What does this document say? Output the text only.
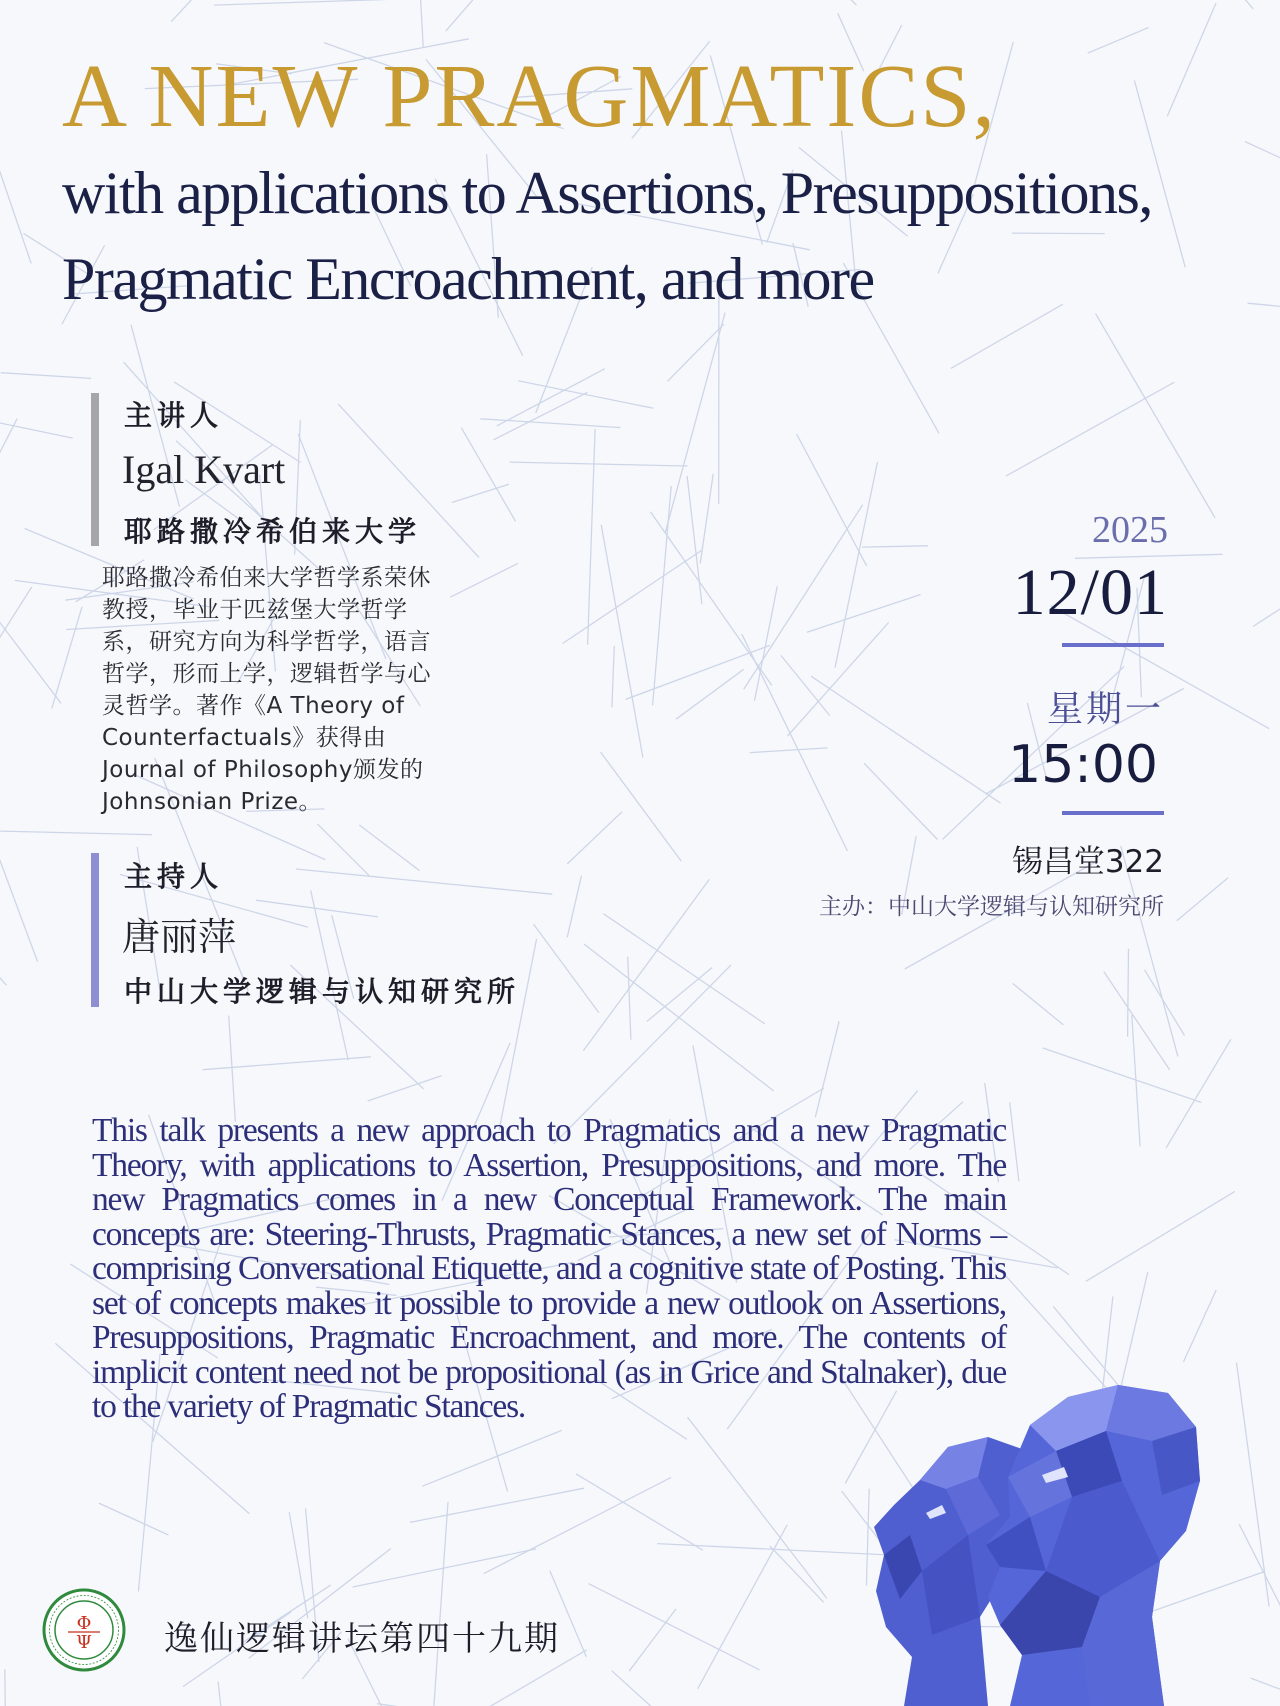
A NEW PRAGMATICS,
with applications to Assertions, Presuppositions, Pragmatic Encroachment, and more

主讲人

Igal Kvart

耶路撒冷希伯来大学

耶路撒冷希伯来大学哲学系荣休教授，毕业于匹兹堡大学哲学系，研究方向为科学哲学，语言哲学，形而上学，逻辑哲学与心灵哲学。著作《A Theory of Counterfactuals》获得由Journal of Philosophy颁发的Johnsonian Prize。

主持人

唐丽萍

中山大学逻辑与认知研究所

2025
12/01
星期一
15:00
锡昌堂322
主办：中山大学逻辑与认知研究所

This talk presents a new approach to Pragmatics and a new Pragmatic Theory, with applications to Assertion, Presuppositions, and more. The new Pragmatics comes in a new Conceptual Framework. The main concepts are: Steering-Thrusts, Pragmatic Stances, a new set of Norms – comprising Conversational Etiquette, and a cognitive state of Posting. This set of concepts makes it possible to provide a new outlook on Assertions, Presuppositions, Pragmatic Encroachment, and more. The contents of implicit content need not be propositional (as in Grice and Stalnaker), due to the variety of Pragmatic Stances.

Φ
Ψ 逸仙逻辑讲坛第四十九期
